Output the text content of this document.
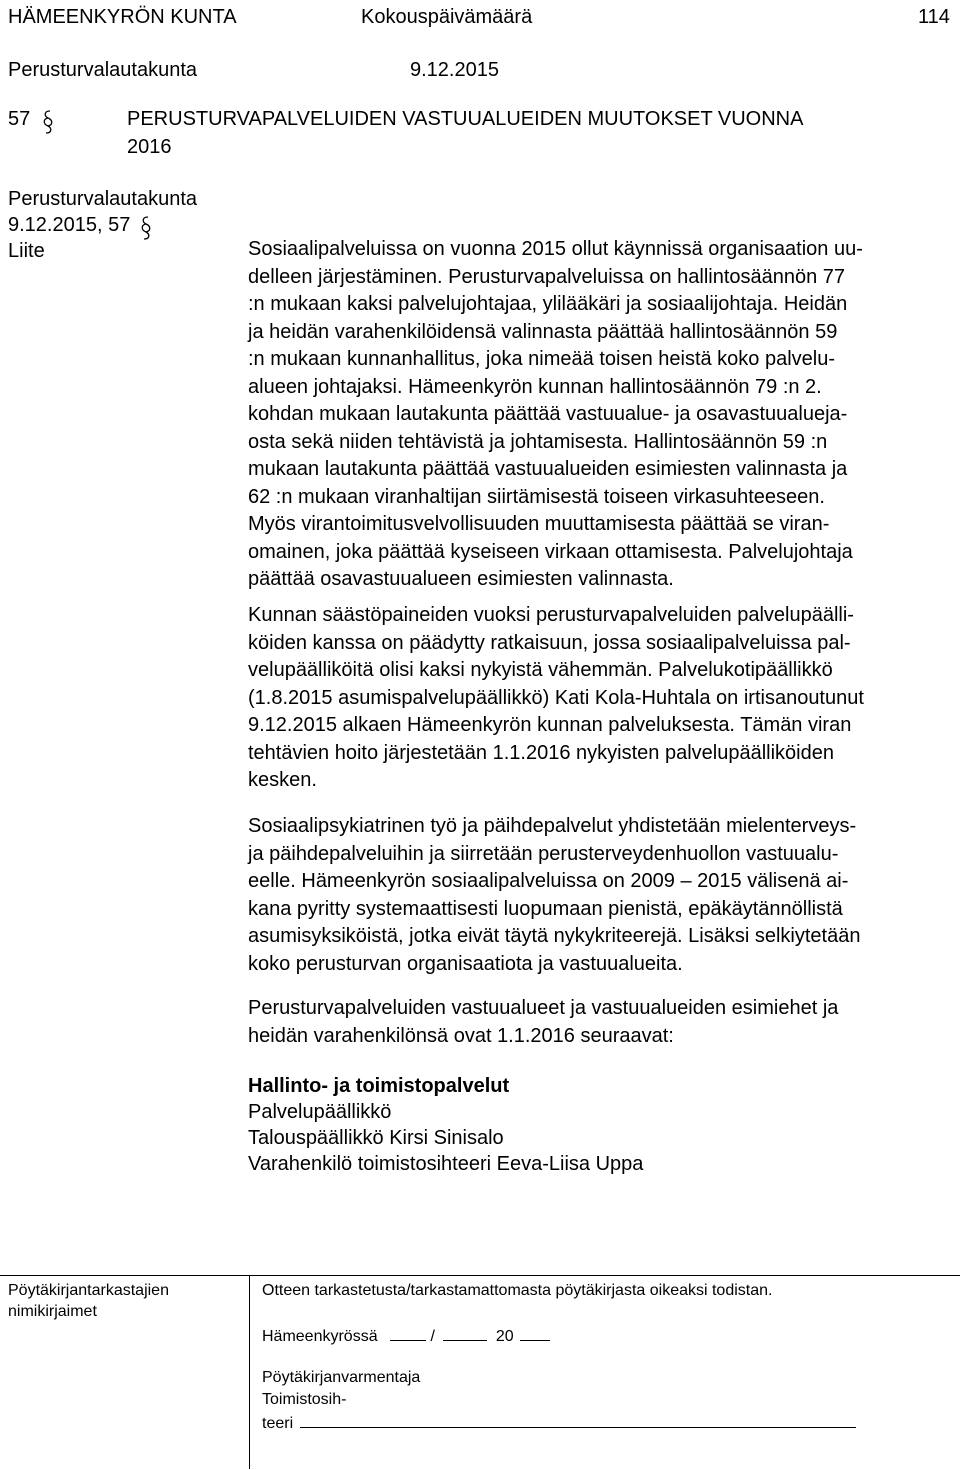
HÄMEENKYRÖN KUNTA	Kokouspäivämäärä	114
Perusturvalautakunta	9.12.2015
57	PERUSTURVAPALVELUIDEN VASTUUALUEIDEN MUUTOKSET VUONNA
2016
Perusturvalautakunta
9.12.2015, 57
Liite	Sosiaalipalveluissa on vuonna 2015 ollut käynnissä organisaation uu-
delleen järjestäminen. Perusturvapalveluissa on hallintosäännön 77
:n mukaan kaksi palvelujohtajaa, ylilääkäri ja sosiaalijohtaja. Heidän
ja heidän varahenkilöidensä valinnasta päättää hallintosäännön 59
:n mukaan kunnanhallitus, joka nimeää toisen heistä koko palvelu-
alueen johtajaksi. Hämeenkyrön kunnan hallintosäännön 79 :n 2.
kohdan mukaan lautakunta päättää vastuualue- ja osavastuualueja-
osta sekä niiden tehtävistä ja johtamisesta. Hallintosäännön 59 :n
mukaan lautakunta päättää vastuualueiden esimiesten valinnasta ja
62 :n mukaan viranhaltijan siirtämisestä toiseen virkasuhteeseen.
Myös virantoimitusvelvollisuuden muuttamisesta päättää se viran-
omainen, joka päättää kyseiseen virkaan ottamisesta. Palvelujohtaja
päättää osavastuualueen esimiesten valinnasta.
Kunnan säästöpaineiden vuoksi perusturvapalveluiden palvelupäälli-
köiden kanssa on päädytty ratkaisuun, jossa sosiaalipalveluissa pal-
velupäälliköitä olisi kaksi nykyistä vähemmän. Palvelukotipäällikkö
(1.8.2015 asumispalvelupäällikkö) Kati Kola-Huhtala on irtisanoutunut
9.12.2015 alkaen Hämeenkyrön kunnan palveluksesta. Tämän viran
tehtävien hoito järjestetään 1.1.2016 nykyisten palvelupäälliköiden
kesken.
Sosiaalipsykiatrinen työ ja päihdepalvelut yhdistetään mielenterveys-
ja päihdepalveluihin ja siirretään perusterveydenhuollon vastuualu-
eelle. Hämeenkyrön sosiaalipalveluissa on 2009 – 2015 välisenä ai-
kana pyritty systemaattisesti luopumaan pienistä, epäkäytännöllistä
asumisyksiköistä, jotka eivät täytä nykykriteerejä. Lisäksi selkiytetään
koko perusturvan organisaatiota ja vastuualueita.
Perusturvapalveluiden vastuualueet ja vastuualueiden esimiehet ja
heidän varahenkilönsä ovat 1.1.2016 seuraavat:
Hallinto- ja toimistopalvelut
Palvelupäällikkö
Talouspäällikkö Kirsi Sinisalo
Varahenkilö toimistosihteeri Eeva-Liisa Uppa
Pöytäkirjantarkastajien
nimikirjaimet
Otteen tarkastetusta/tarkastamattomasta pöytäkirjasta oikeaksi todistan.
Hämeenkyrössä	/	20
Pöytäkirjanvarmentaja
Toimistosih-
teeri
